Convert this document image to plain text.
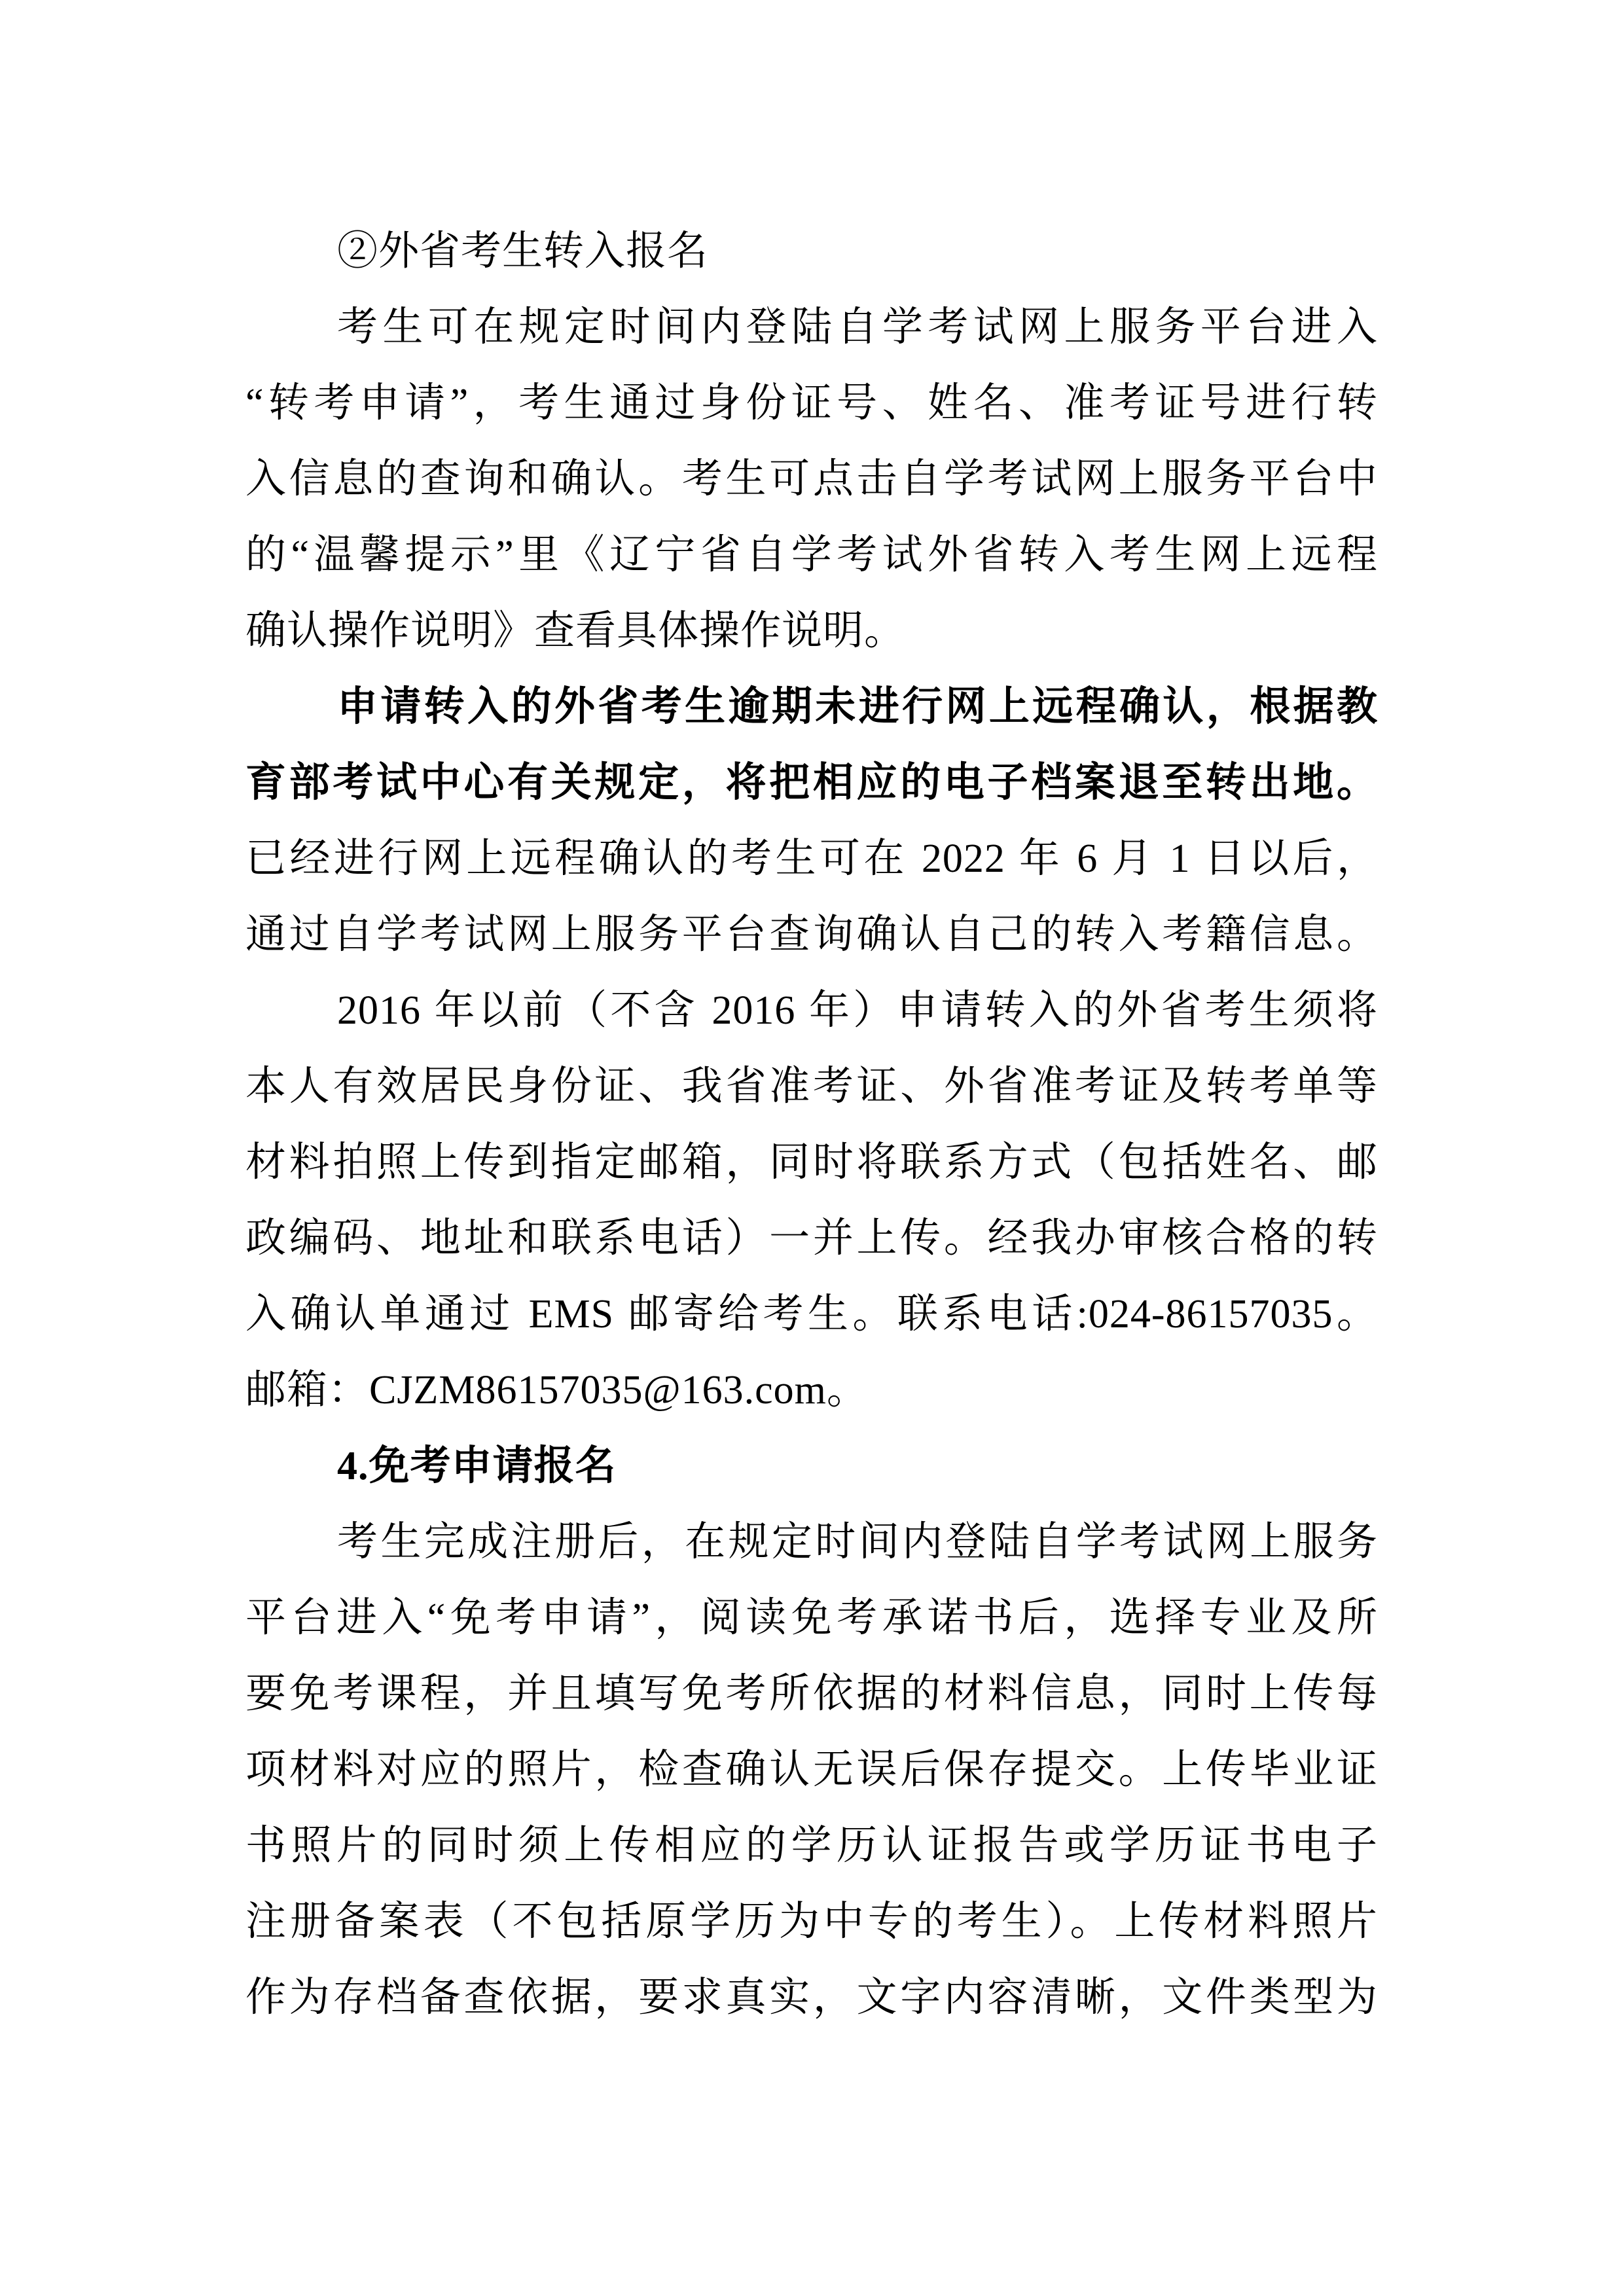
②外省考生转入报名
考生可在规定时间内登陆自学考试网上服务平台进入
“转考申请”，考生通过身份证号、姓名、准考证号进行转
入信息的查询和确认。考生可点击自学考试网上服务平台中
的“温馨提示”里《辽宁省自学考试外省转入考生网上远程
确认操作说明》查看具体操作说明。
申请转入的外省考生逾期未进行网上远程确认，根据教
育部考试中心有关规定，将把相应的电子档案退至转出地。
已经进行网上远程确认的考生可在 2022 年 6 月 1 日以后，
通过自学考试网上服务平台查询确认自己的转入考籍信息。
2016 年以前（不含 2016 年）申请转入的外省考生须将
本人有效居民身份证、我省准考证、外省准考证及转考单等
材料拍照上传到指定邮箱，同时将联系方式（包括姓名、邮
政编码、地址和联系电话）一并上传。经我办审核合格的转
入确认单通过 EMS 邮寄给考生。联系电话:024-86157035。
邮箱：CJZM86157035@163.com。
4.免考申请报名
考生完成注册后，在规定时间内登陆自学考试网上服务
平台进入“免考申请”，阅读免考承诺书后，选择专业及所
要免考课程，并且填写免考所依据的材料信息，同时上传每
项材料对应的照片，检查确认无误后保存提交。上传毕业证
书照片的同时须上传相应的学历认证报告或学历证书电子
注册备案表（不包括原学历为中专的考生）。上传材料照片
作为存档备查依据，要求真实，文字内容清晰，文件类型为
